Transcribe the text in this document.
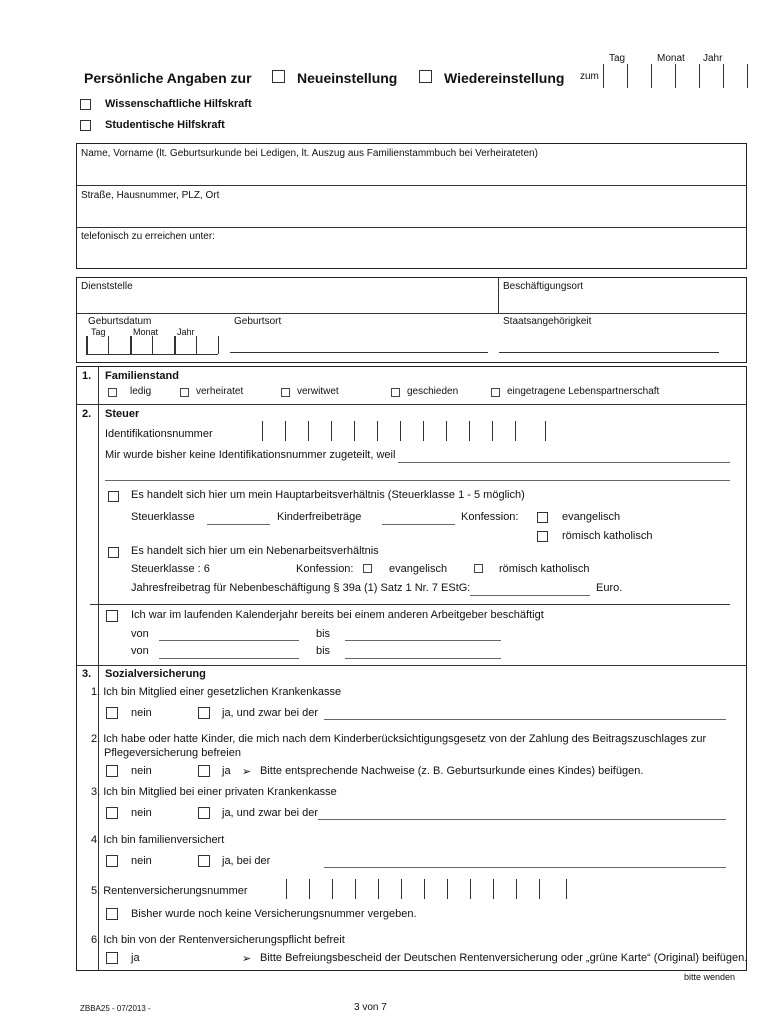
Tag	Monat Jahr
zum
Persönliche Angaben zur	Neueinstellung	Wiedereinstellung
Wissenschaftliche Hilfskraft
Studentische Hilfskraft
Name, Vorname (lt. Geburtsurkunde bei Ledigen, lt. Auszug aus Familienstammbuch bei Verheirateten)
Straße, Hausnummer, PLZ, Ort
telefonisch zu erreichen unter:
Dienststelle	Beschäftigungsort
Geburtsdatum
Tag	Monat Jahr
Geburtsort	Staatsangehörigkeit
1. Familienstand
ledig	verheiratet	verwitwet	geschieden	eingetragene Lebenspartnerschaft
2. Steuer
Identifikationsnummer
Mir wurde bisher keine Identifikationsnummer zugeteilt, weil
Es handelt sich hier um mein Hauptarbeitsverhältnis (Steuerklasse 1 - 5 möglich)
Steuerklasse	Kinderfreibeträge	Konfession:	evangelisch
römisch katholisch
Es handelt sich hier um ein Nebenarbeitsverhältnis
Steuerklasse : 6	Konfession:	evangelisch	römisch katholisch
Jahresfreibetrag für Nebenbeschäftigung § 39a (1) Satz 1 Nr. 7 EStG:	Euro.
Ich war im laufenden Kalenderjahr bereits bei einem anderen Arbeitgeber beschäftigt
von	bis
von	bis
3. Sozialversicherung
1. Ich bin Mitglied einer gesetzlichen Krankenkasse
nein	ja, und zwar bei der
2. Ich habe oder hatte Kinder, die mich nach dem Kinderberücksichtigungsgesetz von der Zahlung des Beitragszuschlages zur
Pflegeversicherung befreien
nein	ja ➢ Bitte entsprechende Nachweise (z. B. Geburtsurkunde eines Kindes) beifügen.
3. Ich bin Mitglied bei einer privaten Krankenkasse
nein	ja, und zwar bei der
4. Ich bin familienversichert
nein	ja, bei der
5. Rentenversicherungsnummer
Bisher wurde noch keine Versicherungsnummer vergeben.
6. Ich bin von der Rentenversicherungspflicht befreit
ja	➢ Bitte Befreiungsbescheid der Deutschen Rentenversicherung oder „grüne Karte“ (Original) beifügen.
bitte wenden
ZBBA25 - 07/2013 -	3 von 7
